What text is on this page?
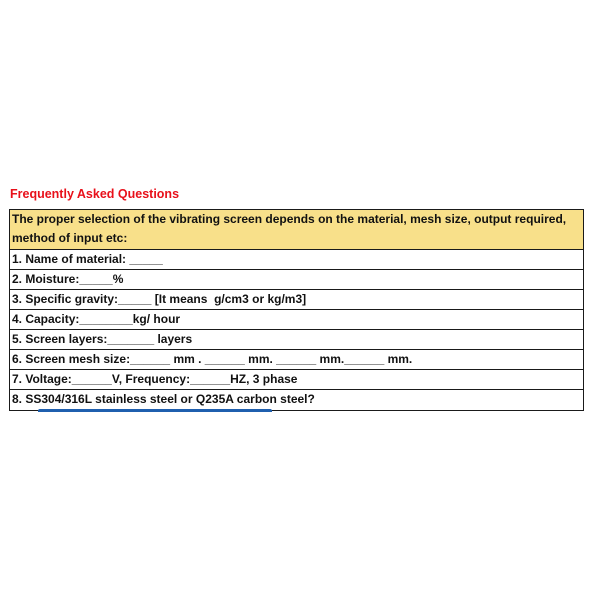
Frequently Asked Questions
The proper selection of the vibrating screen depends on the material, mesh size, output required, method of input etc:
1. Name of material: _____
2. Moisture:_____%
3. Specific gravity:_____ [It means  g/cm3 or kg/m3]
4. Capacity:________kg/ hour
5. Screen layers:_______ layers
6. Screen mesh size:______ mm . ______ mm. ______ mm.______ mm.
7. Voltage:______V, Frequency:______HZ, 3 phase
8. SS304/316L stainless steel or Q235A carbon steel?
